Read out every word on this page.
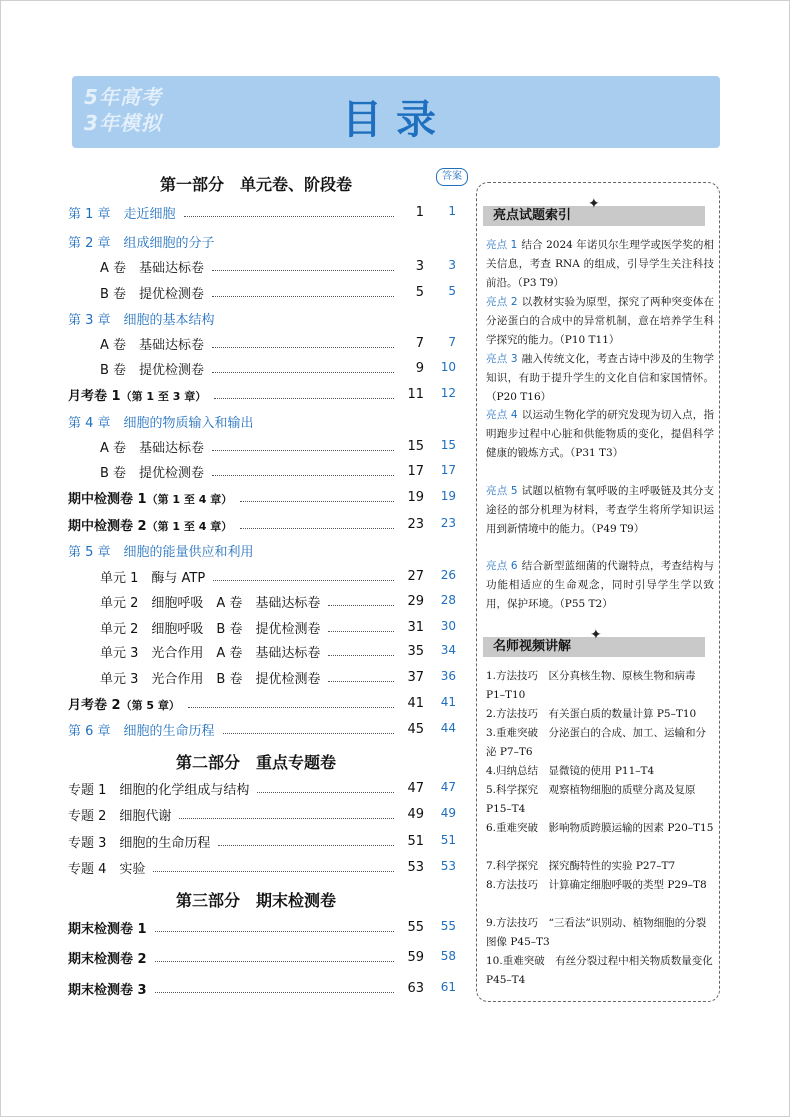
5年高考 3年模拟	目录
第一部分　单元卷、阶段卷	答案
第二部分　重点专题卷
第三部分　期末检测卷
第 1 章　走近细胞	1	1
第 2 章　组成细胞的分子
A 卷　基础达标卷	3	3
B 卷　提优检测卷	5	5
第 3 章　细胞的基本结构
A 卷　基础达标卷	7	7
B 卷　提优检测卷	9	10
月考卷 1（第 1 至 3 章）	11	12
第 4 章　细胞的物质输入和输出
A 卷　基础达标卷	15	15
B 卷　提优检测卷	17	17
期中检测卷 1（第 1 至 4 章）	19	19
期中检测卷 2（第 1 至 4 章）	23	23
第 5 章　细胞的能量供应和利用
单元 1　酶与 ATP	27	26
单元 2　细胞呼吸　A 卷　基础达标卷	29	28
单元 2　细胞呼吸　B 卷　提优检测卷	31	30
单元 3　光合作用　A 卷　基础达标卷	35	34
单元 3　光合作用　B 卷　提优检测卷	37	36
月考卷 2（第 5 章）	41	41
第 6 章　细胞的生命历程	45	44
专题 1　细胞的化学组成与结构	47	47
专题 2　细胞代谢	49	49
专题 3　细胞的生命历程	51	51
专题 4　实验	53	53
期末检测卷 1	55	55
期末检测卷 2	59	58
期末检测卷 3	63	61
亮点试题索引
✦
亮点 1 结合 2024 年诺贝尔生理学或医学奖的相关信息，考查 RNA 的组成，引导学生关注科技前沿。（P3 T9）
亮点 2 以教材实验为原型，探究了两种突变体在分泌蛋白的合成中的异常机制，意在培养学生科学探究的能力。（P10 T11）
亮点 3 融入传统文化，考查古诗中涉及的生物学知识，有助于提升学生的文化自信和家国情怀。（P20 T16）
亮点 4 以运动生物化学的研究发现为切入点，指明跑步过程中心脏和供能物质的变化，提倡科学健康的锻炼方式。（P31 T3）
亮点 5 试题以植物有氧呼吸的主呼吸链及其分支途径的部分机理为材料，考查学生将所学知识运用到新情境中的能力。（P49 T9）
亮点 6 结合新型蓝细菌的代谢特点，考查结构与功能相适应的生命观念，同时引导学生学以致用，保护环境。（P55 T2）
名师视频讲解
✦
1.方法技巧　区分真核生物、原核生物和病毒 P1–T10
2.方法技巧　有关蛋白质的数量计算 P5–T10
3.重难突破　分泌蛋白的合成、加工、运输和分泌 P7–T6
4.归纳总结　显微镜的使用 P11–T4
5.科学探究　观察植物细胞的质壁分离及复原 P15–T4
6.重难突破　影响物质跨膜运输的因素 P20–T15
7.科学探究　探究酶特性的实验 P27–T7
8.方法技巧　计算确定细胞呼吸的类型 P29–T8
9.方法技巧　“三看法”识别动、植物细胞的分裂图像 P45–T3
10.重难突破　有丝分裂过程中相关物质数量变化 P45–T4
